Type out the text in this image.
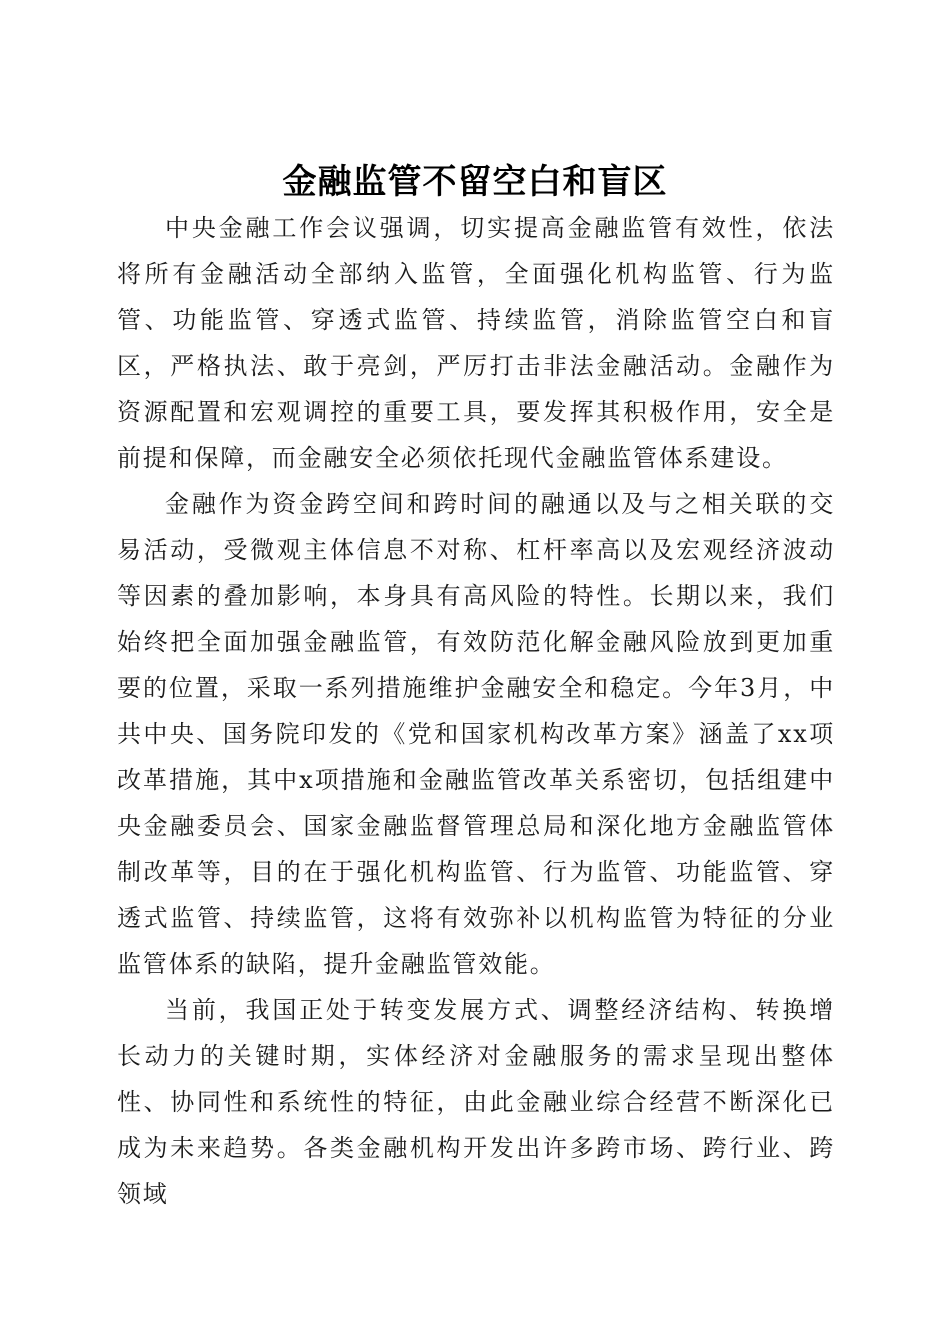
金融监管不留空白和盲区

中央金融工作会议强调，切实提高金融监管有效性，依法将所有金融活动全部纳入监管，全面强化机构监管、行为监管、功能监管、穿透式监管、持续监管，消除监管空白和盲区，严格执法、敢于亮剑，严厉打击非法金融活动。金融作为资源配置和宏观调控的重要工具，要发挥其积极作用，安全是前提和保障，而金融安全必须依托现代金融监管体系建设。

金融作为资金跨空间和跨时间的融通以及与之相关联的交易活动，受微观主体信息不对称、杠杆率高以及宏观经济波动等因素的叠加影响，本身具有高风险的特性。长期以来，我们始终把全面加强金融监管，有效防范化解金融风险放到更加重要的位置，采取一系列措施维护金融安全和稳定。今年3月，中共中央、国务院印发的《党和国家机构改革方案》涵盖了xx项改革措施，其中x项措施和金融监管改革关系密切，包括组建中央金融委员会、国家金融监督管理总局和深化地方金融监管体制改革等，目的在于强化机构监管、行为监管、功能监管、穿透式监管、持续监管，这将有效弥补以机构监管为特征的分业监管体系的缺陷，提升金融监管效能。

当前，我国正处于转变发展方式、调整经济结构、转换增长动力的关键时期，实体经济对金融服务的需求呈现出整体性、协同性和系统性的特征，由此金融业综合经营不断深化已成为未来趋势。各类金融机构开发出许多跨市场、跨行业、跨领域
